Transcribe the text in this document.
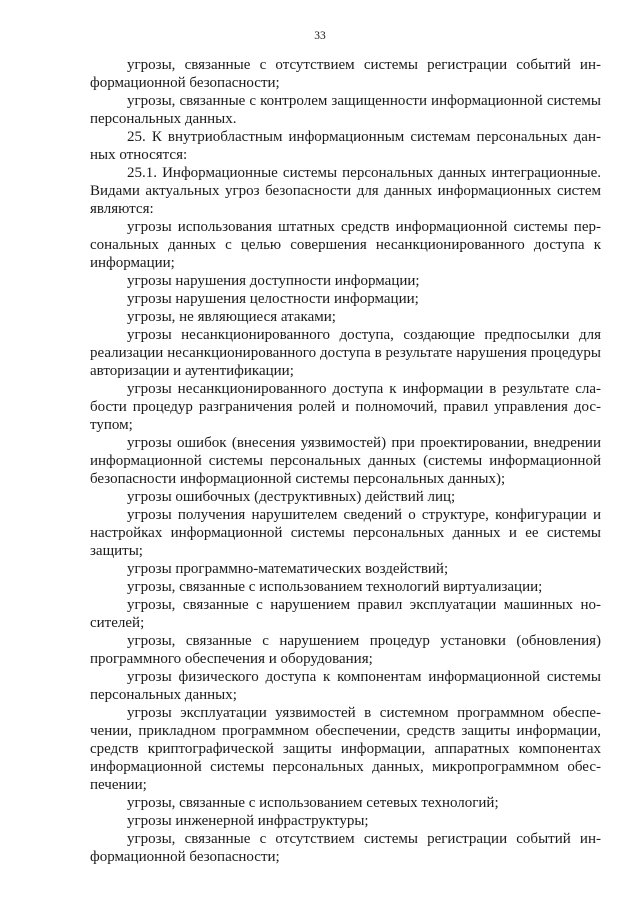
33

угрозы, связанные с отсутствием системы регистрации событий информационной безопасности;

угрозы, связанные с контролем защищенности информационной системы персональных данных.

25. К внутриобластным информационным системам персональных данных относятся:

25.1. Информационные системы персональных данных интеграционные. Видами актуальных угроз безопасности для данных информационных систем являются:

угрозы использования штатных средств информационной системы персональных данных с целью совершения несанкционированного доступа к информации;

угрозы нарушения доступности информации;

угрозы нарушения целостности информации;

угрозы, не являющиеся атаками;

угрозы несанкционированного доступа, создающие предпосылки для реализации несанкционированного доступа в результате нарушения процедуры авторизации и аутентификации;

угрозы несанкционированного доступа к информации в результате слабости процедур разграничения ролей и полномочий, правил управления доступом;

угрозы ошибок (внесения уязвимостей) при проектировании, внедрении информационной системы персональных данных (системы информационной безопасности информационной системы персональных данных);

угрозы ошибочных (деструктивных) действий лиц;

угрозы получения нарушителем сведений о структуре, конфигурации и настройках информационной системы персональных данных и ее системы защиты;

угрозы программно-математических воздействий;

угрозы, связанные с использованием технологий виртуализации;

угрозы, связанные с нарушением правил эксплуатации машинных носителей;

угрозы, связанные с нарушением процедур установки (обновления) программного обеспечения и оборудования;

угрозы физического доступа к компонентам информационной системы персональных данных;

угрозы эксплуатации уязвимостей в системном программном обеспечении, прикладном программном обеспечении, средств защиты информации, средств криптографической защиты информации, аппаратных компонентах информационной системы персональных данных, микропрограммном обеспечении;

угрозы, связанные с использованием сетевых технологий;

угрозы инженерной инфраструктуры;

угрозы, связанные с отсутствием системы регистрации событий информационной безопасности;
